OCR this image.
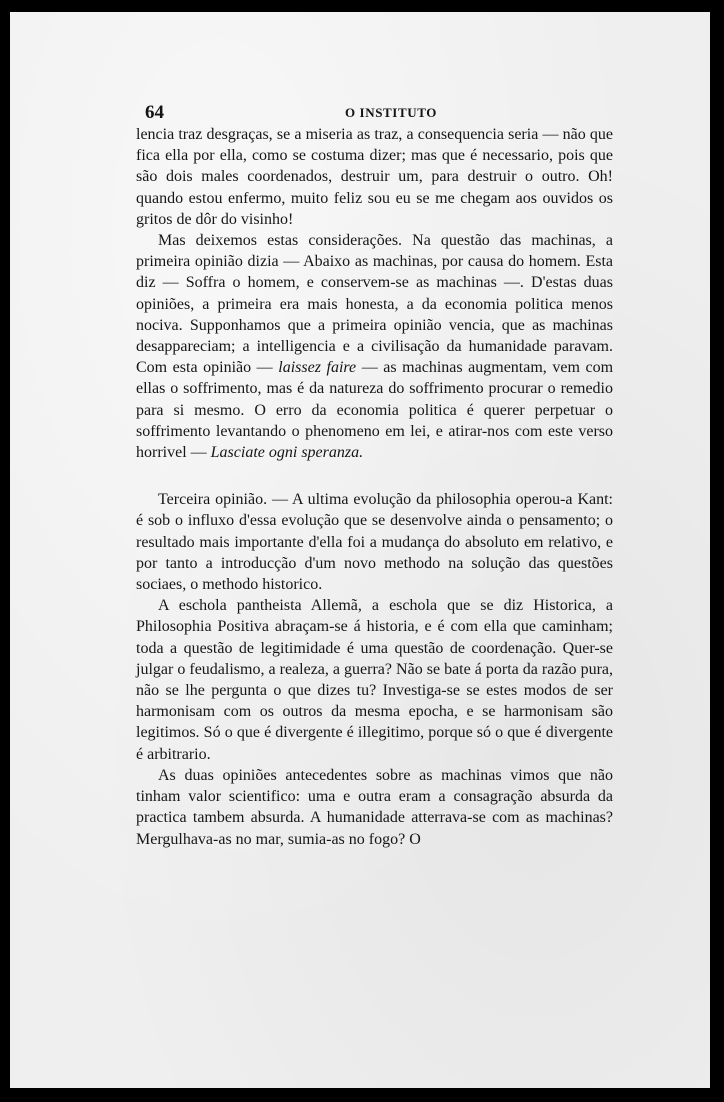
64	O INSTITUTO

lencia traz desgraças, se a miseria as traz, a consequencia seria — não que fica ella por ella, como se costuma dizer; mas que é necessario, pois que são dois males coordenados, destruir um, para destruir o outro. Oh! quando estou enfermo, muito feliz sou eu se me chegam aos ouvidos os gritos de dôr do visinho!

Mas deixemos estas considerações. Na questão das machinas, a primeira opinião dizia — Abaixo as machinas, por causa do homem. Esta diz — Soffra o homem, e conservem-se as machinas —. D'estas duas opiniões, a primeira era mais honesta, a da economia politica menos nociva. Supponhamos que a primeira opinião vencia, que as machinas desappareciam; a intelligencia e a civilisação da humanidade paravam. Com esta opinião — laissez faire — as machinas augmentam, vem com ellas o soffrimento, mas é da natureza do soffrimento procurar o remedio para si mesmo. O erro da economia politica é querer perpetuar o soffrimento levantando o phenomeno em lei, e atirar-nos com este verso horrivel — Lasciate ogni speranza.

Terceira opinião. — A ultima evolução da philosophia operou-a Kant: é sob o influxo d'essa evolução que se desenvolve ainda o pensamento; o resultado mais importante d'ella foi a mudança do absoluto em relativo, e por tanto a introducção d'um novo methodo na solução das questões sociaes, o methodo historico.

A eschola pantheista Allemã, a eschola que se diz Historica, a Philosophia Positiva abraçam-se á historia, e é com ella que caminham; toda a questão de legitimidade é uma questão de coordenação. Quer-se julgar o feudalismo, a realeza, a guerra? Não se bate á porta da razão pura, não se lhe pergunta o que dizes tu? Investiga-se se estes modos de ser harmonisam com os outros da mesma epocha, e se harmonisam são legitimos. Só o que é divergente é illegitimo, porque só o que é divergente é arbitrario.

As duas opiniões antecedentes sobre as machinas vimos que não tinham valor scientifico: uma e outra eram a consagração absurda da practica tambem absurda. A humanidade atterrava-se com as machinas? Mergulhava-as no mar, sumia-as no fogo? O
